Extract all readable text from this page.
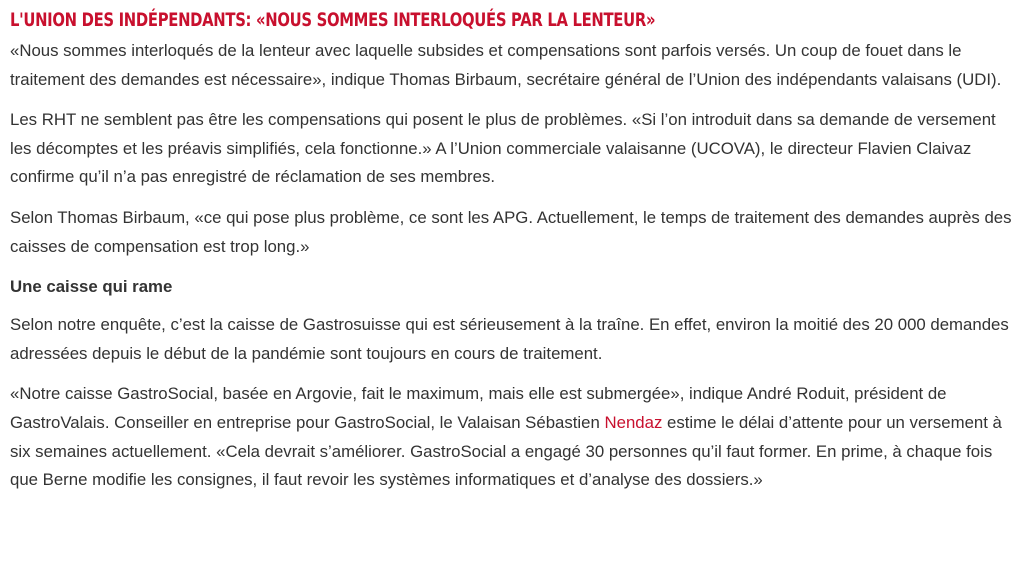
L'UNION DES INDÉPENDANTS: «NOUS SOMMES INTERLOQUÉS PAR LA LENTEUR»

«Nous sommes interloqués de la lenteur avec laquelle subsides et compensations sont parfois versés. Un coup de fouet dans le traitement des demandes est nécessaire», indique Thomas Birbaum, secrétaire général de l’Union des indépendants valaisans (UDI).

Les RHT ne semblent pas être les compensations qui posent le plus de problèmes. «Si l’on introduit dans sa demande de versement les décomptes et les préavis simplifiés, cela fonctionne.» A l’Union commerciale valaisanne (UCOVA), le directeur Flavien Claivaz confirme qu’il n’a pas enregistré de réclamation de ses membres.

Selon Thomas Birbaum, «ce qui pose plus problème, ce sont les APG. Actuellement, le temps de traitement des demandes auprès des caisses de compensation est trop long.»

Une caisse qui rame

Selon notre enquête, c’est la caisse de Gastrosuisse qui est sérieusement à la traîne. En effet, environ la moitié des 20 000 demandes adressées depuis le début de la pandémie sont toujours en cours de traitement.

«Notre caisse GastroSocial, basée en Argovie, fait le maximum, mais elle est submergée», indique André Roduit, président de GastroValais. Conseiller en entreprise pour GastroSocial, le Valaisan Sébastien Nendaz estime le délai d’attente pour un versement à six semaines actuellement. «Cela devrait s’améliorer. GastroSocial a engagé 30 personnes qu’il faut former. En prime, à chaque fois que Berne modifie les consignes, il faut revoir les systèmes informatiques et d’analyse des dossiers.»
